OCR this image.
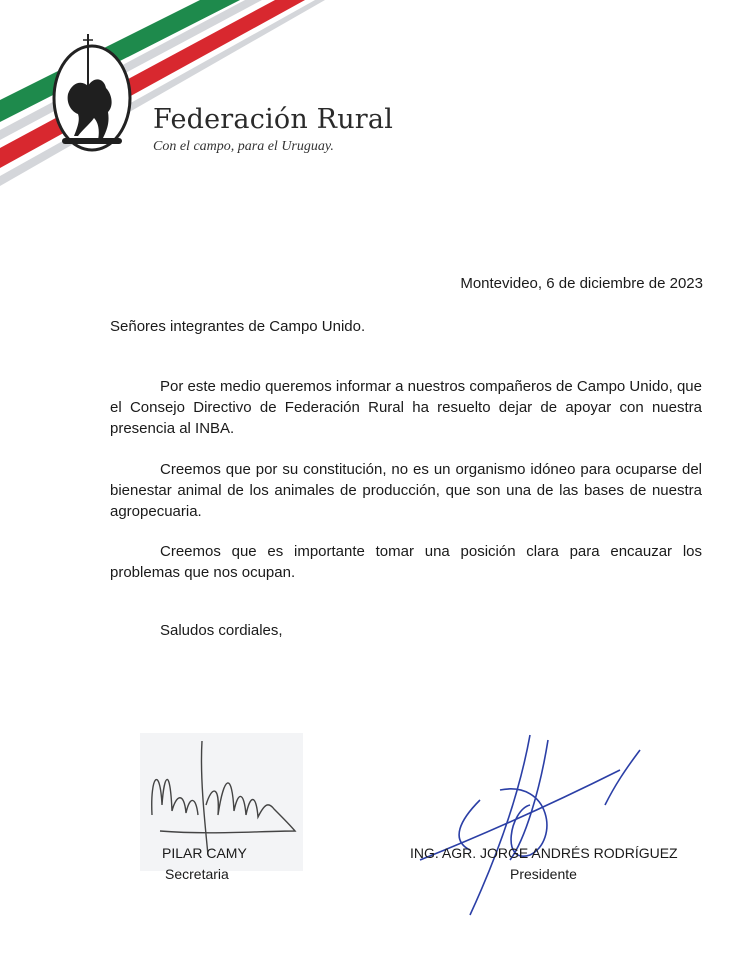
Federación Rural
Con el campo, para el Uruguay.
Montevideo, 6 de diciembre de 2023
Señores integrantes de Campo Unido.

Por este medio queremos informar a nuestros compañeros de Campo Unido, que el Consejo Directivo de Federación Rural ha resuelto dejar de apoyar con nuestra presencia al INBA.

Creemos que por su constitución, no es un organismo idóneo para ocuparse del bienestar animal de los animales de producción, que son una de las bases de nuestra agropecuaria.

Creemos que es importante tomar una posición clara para encauzar los problemas que nos ocupan.

Saludos cordiales,
PILAR CAMY
Secretaria
ING. AGR. JORGE ANDRÉS RODRÍGUEZ
Presidente
